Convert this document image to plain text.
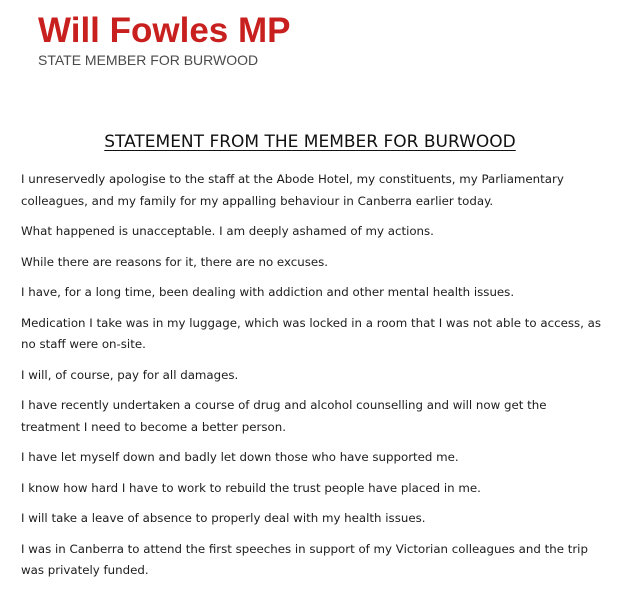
Will Fowles MP
STATE MEMBER FOR BURWOOD
STATEMENT FROM THE MEMBER FOR BURWOOD

I unreservedly apologise to the staff at the Abode Hotel, my constituents, my Parliamentary colleagues, and my family for my appalling behaviour in Canberra earlier today.

What happened is unacceptable. I am deeply ashamed of my actions.

While there are reasons for it, there are no excuses.

I have, for a long time, been dealing with addiction and other mental health issues.

Medication I take was in my luggage, which was locked in a room that I was not able to access, as no staff were on-site.

I will, of course, pay for all damages.

I have recently undertaken a course of drug and alcohol counselling and will now get the treatment I need to become a better person.

I have let myself down and badly let down those who have supported me.

I know how hard I have to work to rebuild the trust people have placed in me.

I will take a leave of absence to properly deal with my health issues.

I was in Canberra to attend the first speeches in support of my Victorian colleagues and the trip was privately funded.
